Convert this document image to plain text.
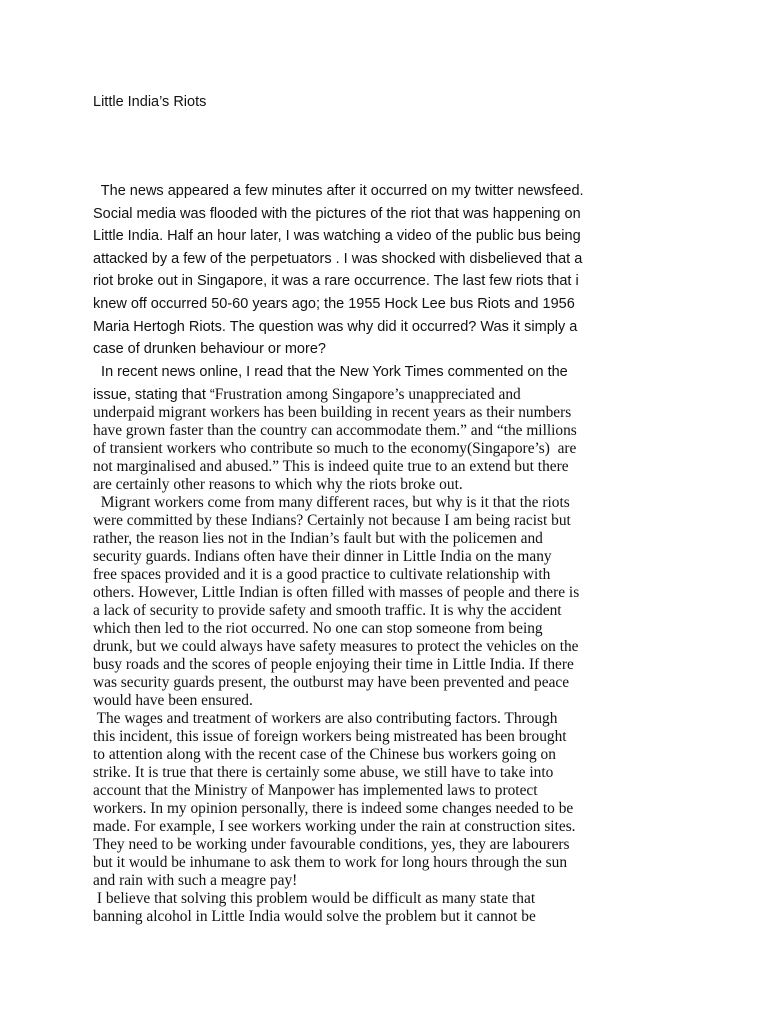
Little India’s Riots
The news appeared a few minutes after it occurred on my twitter newsfeed.
Social media was flooded with the pictures of the riot that was happening on
Little India. Half an hour later, I was watching a video of the public bus being
attacked by a few of the perpetuators . I was shocked with disbelieved that a
riot broke out in Singapore, it was a rare occurrence. The last few riots that i
knew off occurred 50-60 years ago; the 1955 Hock Lee bus Riots and 1956
Maria Hertogh Riots. The question was why did it occurred? Was it simply a
case of drunken behaviour or more?
In recent news online, I read that the New York Times commented on the
issue, stating that “Frustration among Singapore’s unappreciated and
underpaid migrant workers has been building in recent years as their numbers
have grown faster than the country can accommodate them.” and “the millions
of transient workers who contribute so much to the economy(Singapore’s)  are
not marginalised and abused.” This is indeed quite true to an extend but there
are certainly other reasons to which why the riots broke out.
Migrant workers come from many different races, but why is it that the riots
were committed by these Indians? Certainly not because I am being racist but
rather, the reason lies not in the Indian’s fault but with the policemen and
security guards. Indians often have their dinner in Little India on the many
free spaces provided and it is a good practice to cultivate relationship with
others. However, Little Indian is often filled with masses of people and there is
a lack of security to provide safety and smooth traffic. It is why the accident
which then led to the riot occurred. No one can stop someone from being
drunk, but we could always have safety measures to protect the vehicles on the
busy roads and the scores of people enjoying their time in Little India. If there
was security guards present, the outburst may have been prevented and peace
would have been ensured.
The wages and treatment of workers are also contributing factors. Through
this incident, this issue of foreign workers being mistreated has been brought
to attention along with the recent case of the Chinese bus workers going on
strike. It is true that there is certainly some abuse, we still have to take into
account that the Ministry of Manpower has implemented laws to protect
workers. In my opinion personally, there is indeed some changes needed to be
made. For example, I see workers working under the rain at construction sites.
They need to be working under favourable conditions, yes, they are labourers
but it would be inhumane to ask them to work for long hours through the sun
and rain with such a meagre pay!
I believe that solving this problem would be difficult as many state that
banning alcohol in Little India would solve the problem but it cannot be
